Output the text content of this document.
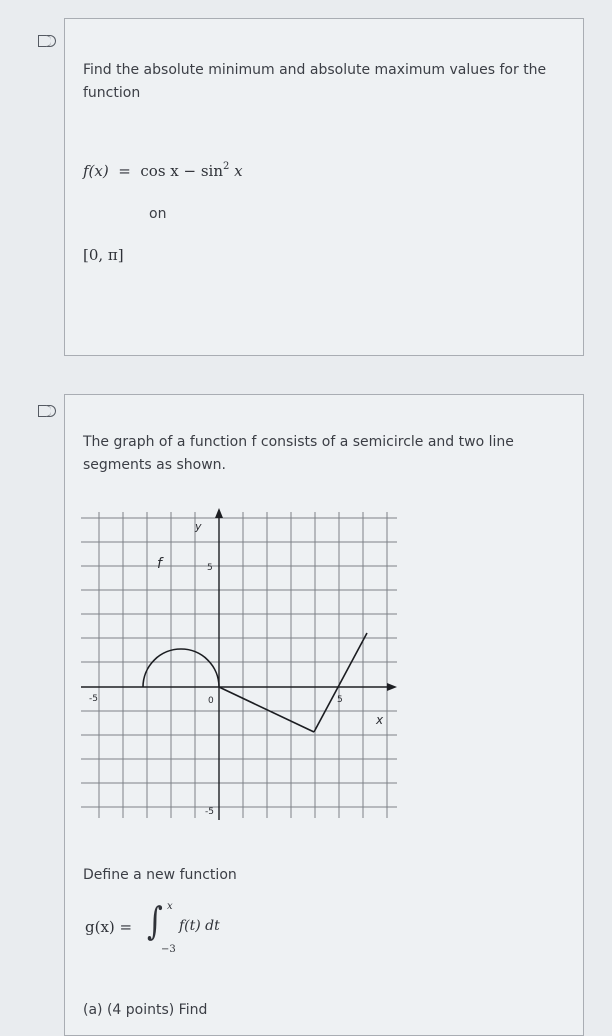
Find the absolute minimum and absolute maximum values for the function
$f(x) = \cos x - \sin^2 x$
on
[0, π]
The graph of a function f consists of a semicircle and two line segments as shown.
y
f	5
-5	0	5
x
-5
Define a new function
g(x) = ∫ x
−3
f(t) dt
(a) (4 points) Find
